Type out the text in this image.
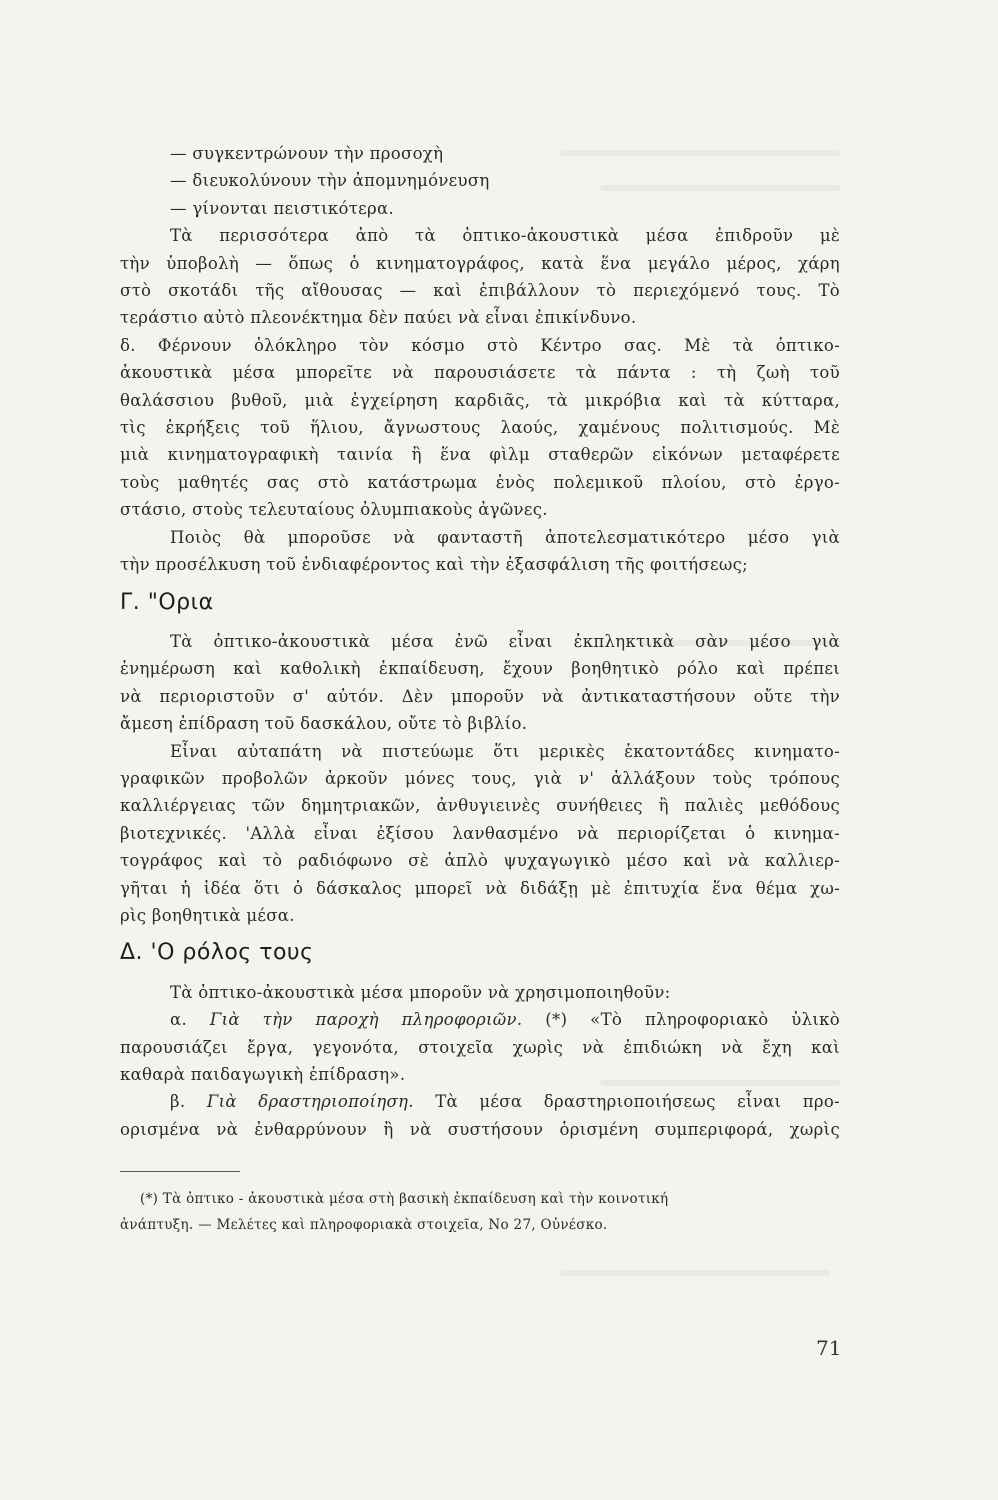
— συγκεντρώνουν τὴν προσοχὴ
— διευκολύνουν τὴν ἀπομνημόνευση
— γίνονται πειστικότερα.
Τὰ περισσότερα ἀπὸ τὰ ὀπτικο-ἀκουστικὰ μέσα ἐπιδροῦν μὲ
τὴν ὑποβολὴ — ὅπως ὁ κινηματογράφος, κατὰ ἕνα μεγάλο μέρος, χάρη
στὸ σκοτάδι τῆς αἴθουσας — καὶ ἐπιβάλλουν τὸ περιεχόμενό τους. Τὸ
τεράστιο αὐτὸ πλεονέκτημα δὲν παύει νὰ εἶναι ἐπικίνδυνο.
δ. Φέρνουν ὁλόκληρο τὸν κόσμο στὸ Κέντρο σας. Μὲ τὰ ὀπτικο-
ἀκουστικὰ μέσα μπορεῖτε νὰ παρουσιάσετε τὰ πάντα : τὴ ζωὴ τοῦ
θαλάσσιου βυθοῦ, μιὰ ἐγχείρηση καρδιᾶς, τὰ μικρόβια καὶ τὰ κύτταρα,
τὶς ἐκρήξεις τοῦ ἥλιου, ἄγνωστους λαούς, χαμένους πολιτισμούς. Μὲ
μιὰ κινηματογραφικὴ ταινία ἢ ἕνα φὶλμ σταθερῶν εἰκόνων μεταφέρετε
τοὺς μαθητές σας στὸ κατάστρωμα ἑνὸς πολεμικοῦ πλοίου, στὸ ἐργο-
στάσιο, στοὺς τελευταίους ὀλυμπιακοὺς ἀγῶνες.
Ποιὸς θὰ μποροῦσε νὰ φανταστῆ ἀποτελεσματικότερο μέσο γιὰ
τὴν προσέλκυση τοῦ ἐνδιαφέροντος καὶ τὴν ἐξασφάλιση τῆς φοιτήσεως;
Γ. "Ορια
Τὰ ὀπτικο-ἀκουστικὰ μέσα ἐνῶ εἶναι ἐκπληκτικὰ σὰν μέσο γιὰ
ἐνημέρωση καὶ καθολικὴ ἐκπαίδευση, ἔχουν βοηθητικὸ ρόλο καὶ πρέπει
νὰ περιοριστοῦν σ' αὐτόν. Δὲν μποροῦν νὰ ἀντικαταστήσουν οὔτε τὴν
ἄμεση ἐπίδραση τοῦ δασκάλου, οὔτε τὸ βιβλίο.
Εἶναι αὐταπάτη νὰ πιστεύωμε ὅτι μερικὲς ἑκατοντάδες κινηματο-
γραφικῶν προβολῶν ἀρκοῦν μόνες τους, γιὰ ν' ἀλλάξουν τοὺς τρόπους
καλλιέργειας τῶν δημητριακῶν, ἀνθυγιεινὲς συνήθειες ἢ παλιὲς μεθόδους
βιοτεχνικές. 'Αλλὰ εἶναι ἐξίσου λανθασμένο νὰ περιορίζεται ὁ κινημα-
τογράφος καὶ τὸ ραδιόφωνο σὲ ἁπλὸ ψυχαγωγικὸ μέσο καὶ νὰ καλλιερ-
γῆται ἡ ἰδέα ὅτι ὁ δάσκαλος μπορεῖ νὰ διδάξῃ μὲ ἐπιτυχία ἕνα θέμα χω-
ρὶς βοηθητικὰ μέσα.
Δ. 'Ο ρόλος τους
Τὰ ὀπτικο-ἀκουστικὰ μέσα μποροῦν νὰ χρησιμοποιηθοῦν:
α. Γιὰ τὴν παροχὴ πληροφοριῶν. (*) «Τὸ πληροφοριακὸ ὑλικὸ
παρουσιάζει ἔργα, γεγονότα, στοιχεῖα χωρὶς νὰ ἐπιδιώκη νὰ ἔχη καὶ
καθαρὰ παιδαγωγικὴ ἐπίδραση».
β. Γιὰ δραστηριοποίηση. Τὰ μέσα δραστηριοποιήσεως εἶναι προ-
ορισμένα νὰ ἐνθαρρύνουν ἢ νὰ συστήσουν ὁρισμένη συμπεριφορά, χωρὶς
(*) Τὰ ὀπτικο - ἀκουστικὰ μέσα στὴ βασικὴ ἐκπαίδευση καὶ τὴν κοινοτική
ἀνάπτυξη. — Μελέτες καὶ πληροφοριακὰ στοιχεῖα, Νο 27, Οὐνέσκο.
71
